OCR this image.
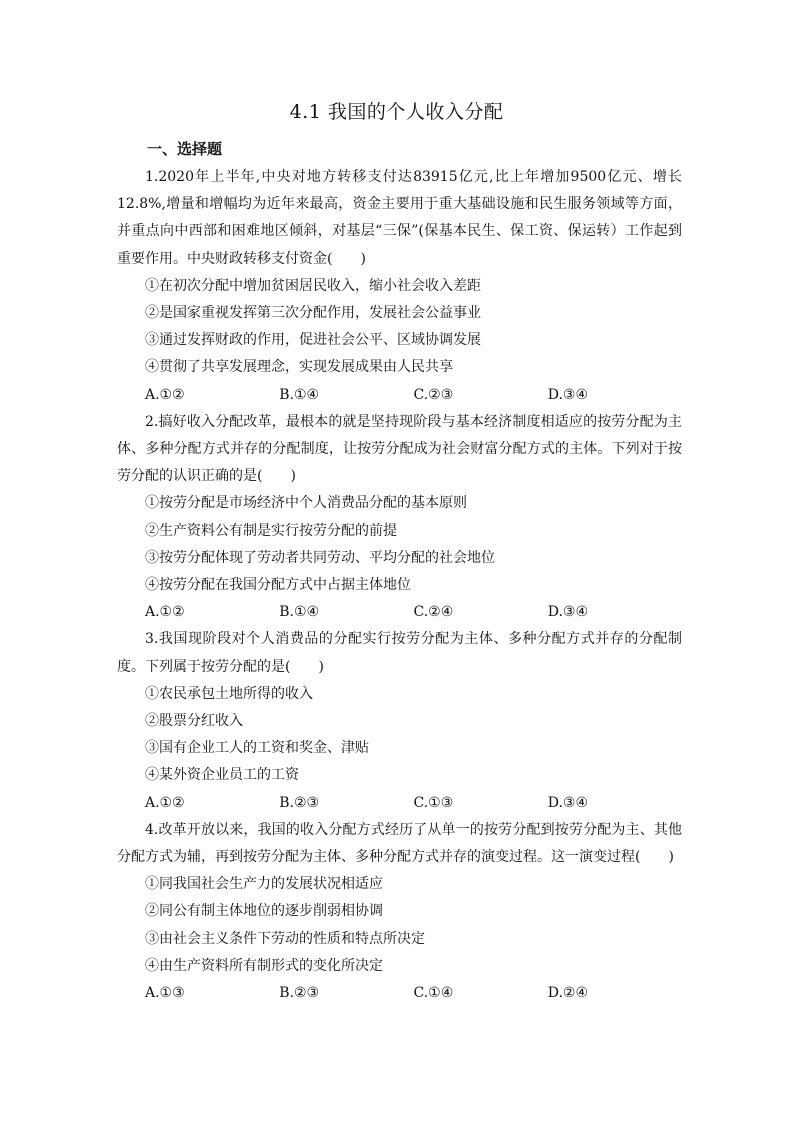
4.1 我国的个人收入分配
一、选择题

1.2020年上半年,中央对地方转移支付达83915亿元,比上年增加9500亿元、增长12.8%,增量和增幅均为近年来最高，资金主要用于重大基础设施和民生服务领域等方面，并重点向中西部和困难地区倾斜，对基层“三保”(保基本民生、保工资、保运转）工作起到重要作用。中央财政转移支付资金(　　)

①在初次分配中增加贫困居民收入，缩小社会收入差距

②是国家重视发挥第三次分配作用，发展社会公益事业

③通过发挥财政的作用，促进社会公平、区域协调发展

④贯彻了共享发展理念，实现发展成果由人民共享

A.①②	B.①④	C.②③	D.③④

2.搞好收入分配改革，最根本的就是坚持现阶段与基本经济制度相适应的按劳分配为主体、多种分配方式并存的分配制度，让按劳分配成为社会财富分配方式的主体。下列对于按劳分配的认识正确的是(　　)

①按劳分配是市场经济中个人消费品分配的基本原则

②生产资料公有制是实行按劳分配的前提

③按劳分配体现了劳动者共同劳动、平均分配的社会地位

④按劳分配在我国分配方式中占据主体地位

A.①②	B.①④	C.②④	D.③④

3.我国现阶段对个人消费品的分配实行按劳分配为主体、多种分配方式并存的分配制度。下列属于按劳分配的是(　　)

①农民承包土地所得的收入

②股票分红收入

③国有企业工人的工资和奖金、津贴

④某外资企业员工的工资

A.①②	B.②③	C.①③	D.③④

4.改革开放以来，我国的收入分配方式经历了从单一的按劳分配到按劳分配为主、其他分配方式为辅，再到按劳分配为主体、多种分配方式并存的演变过程。这一演变过程(　　)

①同我国社会生产力的发展状况相适应

②同公有制主体地位的逐步削弱相协调

③由社会主义条件下劳动的性质和特点所决定

④由生产资料所有制形式的变化所决定

A.①③	B.②③	C.①④	D.②④
